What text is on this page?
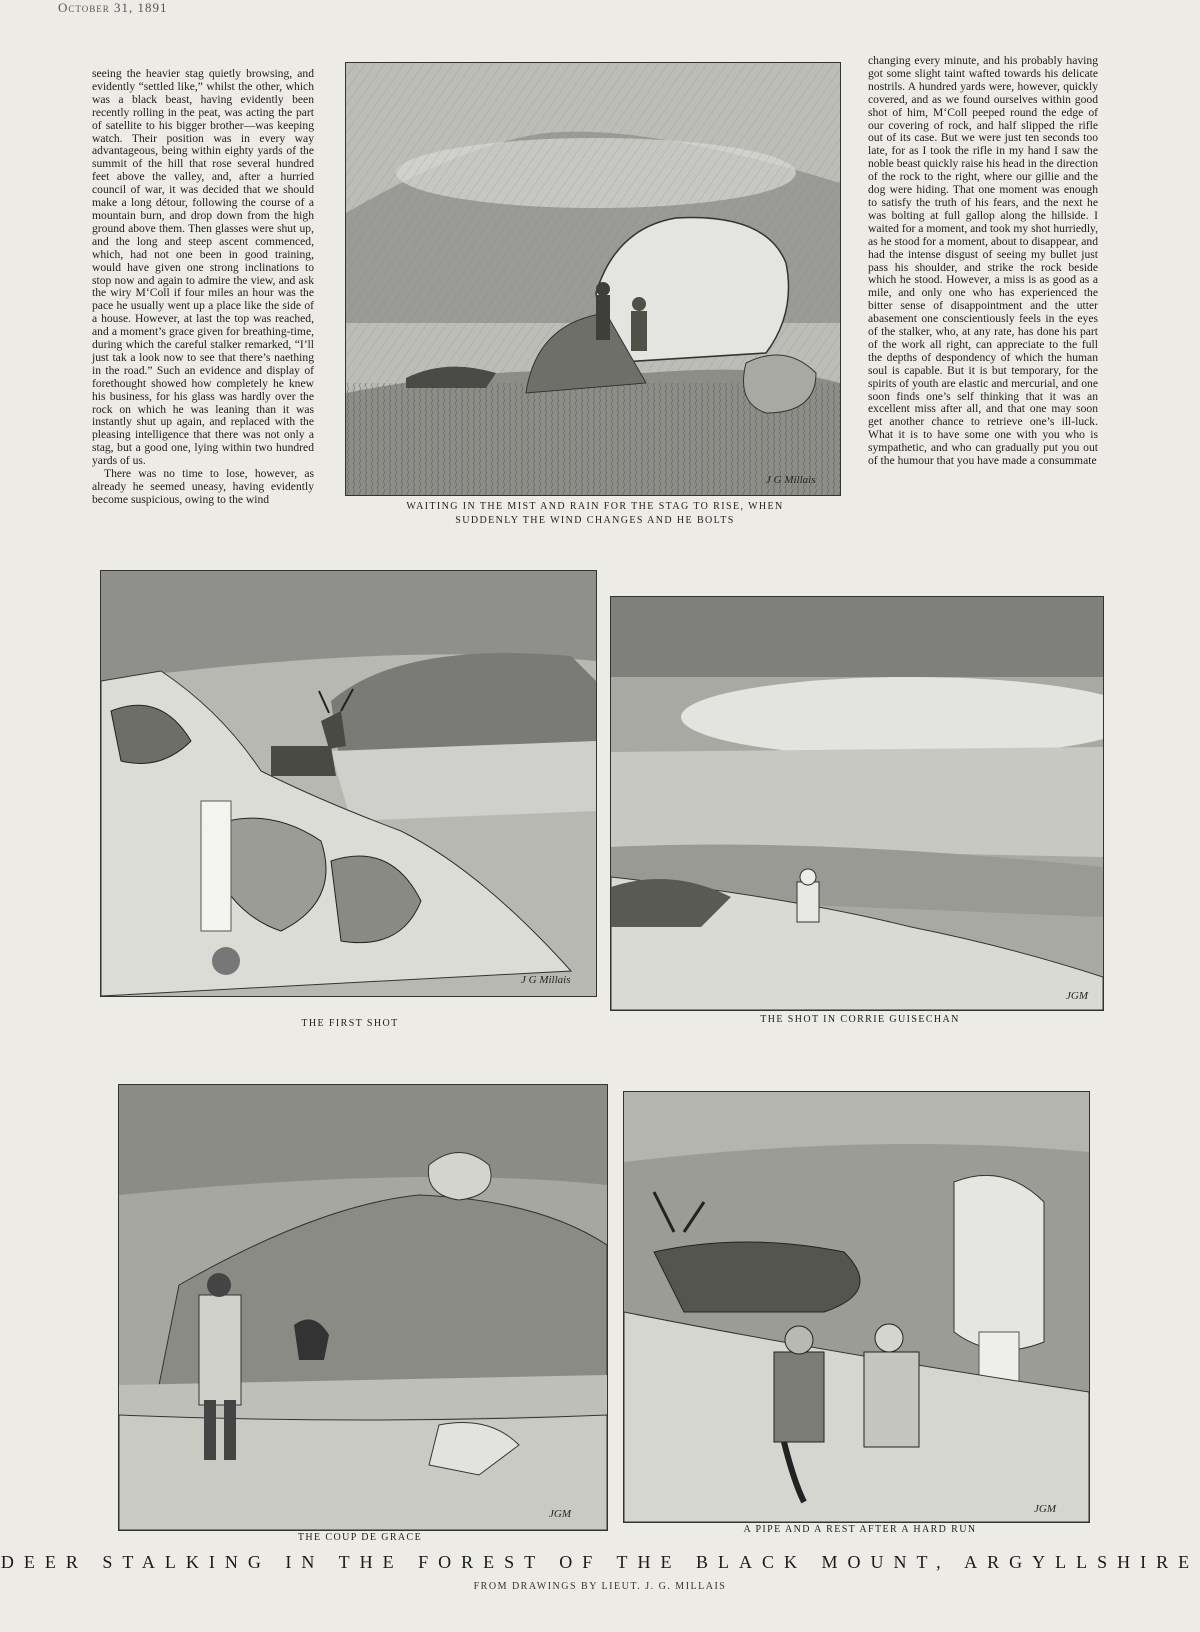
October 31, 1891

seeing the heavier stag quietly browsing, and evidently “settled like,” whilst the other, which was a black beast, having evidently been recently rolling in the peat, was acting the part of satellite to his bigger brother—was keeping watch. Their position was in every way advantageous, being within eighty yards of the summit of the hill that rose several hundred feet above the valley, and, after a hurried council of war, it was decided that we should make a long détour, following the course of a mountain burn, and drop down from the high ground above them. Then glasses were shut up, and the long and steep ascent commenced, which, had not one been in good training, would have given one strong inclinations to stop now and again to admire the view, and ask the wiry M‘Coll if four miles an hour was the pace he usually went up a place like the side of a house. However, at last the top was reached, and a moment’s grace given for breathing-time, during which the careful stalker remarked, “I’ll just tak a look now to see that there’s naething in the road.” Such an evidence and display of forethought showed how completely he knew his business, for his glass was hardly over the rock on which he was leaning than it was instantly shut up again, and replaced with the pleasing intelligence that there was not only a stag, but a good one, lying within two hundred yards of us.

There was no time to lose, however, as already he seemed uneasy, having evidently become suspicious, owing to the wind

changing every minute, and his probably having got some slight taint wafted towards his delicate nostrils. A hundred yards were, however, quickly covered, and as we found ourselves within good shot of him, M‘Coll peeped round the edge of our covering of rock, and half slipped the rifle out of its case. But we were just ten seconds too late, for as I took the rifle in my hand I saw the noble beast quickly raise his head in the direction of the rock to the right, where our gillie and the dog were hiding. That one moment was enough to satisfy the truth of his fears, and the next he was bolting at full gallop along the hillside. I waited for a moment, and took my shot hurriedly, as he stood for a moment, about to disappear, and had the intense disgust of seeing my bullet just pass his shoulder, and strike the rock beside which he stood. However, a miss is as good as a mile, and only one who has experienced the bitter sense of disappointment and the utter abasement one conscientiously feels in the eyes of the stalker, who, at any rate, has done his part of the work all right, can appreciate to the full the depths of despondency of which the human soul is capable. But it is but temporary, for the spirits of youth are elastic and mercurial, and one soon finds one’s self thinking that it was an excellent miss after all, and that one may soon get another chance to retrieve one’s ill-luck. What it is to have some one with you who is sympathetic, and who can gradually put you out of the humour that you have made a consummate

J G Millais
WAITING IN THE MIST AND RAIN FOR THE STAG TO RISE, WHEN SUDDENLY THE WIND CHANGES AND HE BOLTS
J G Millais
THE FIRST SHOT
JGM
THE SHOT IN CORRIE GUISECHAN
JGM
THE COUP DE GRACE
JGM
A PIPE AND A REST AFTER A HARD RUN
DEER STALKING IN THE FOREST OF THE BLACK MOUNT, ARGYLLSHIRE
FROM DRAWINGS BY LIEUT. J. G. MILLAIS
